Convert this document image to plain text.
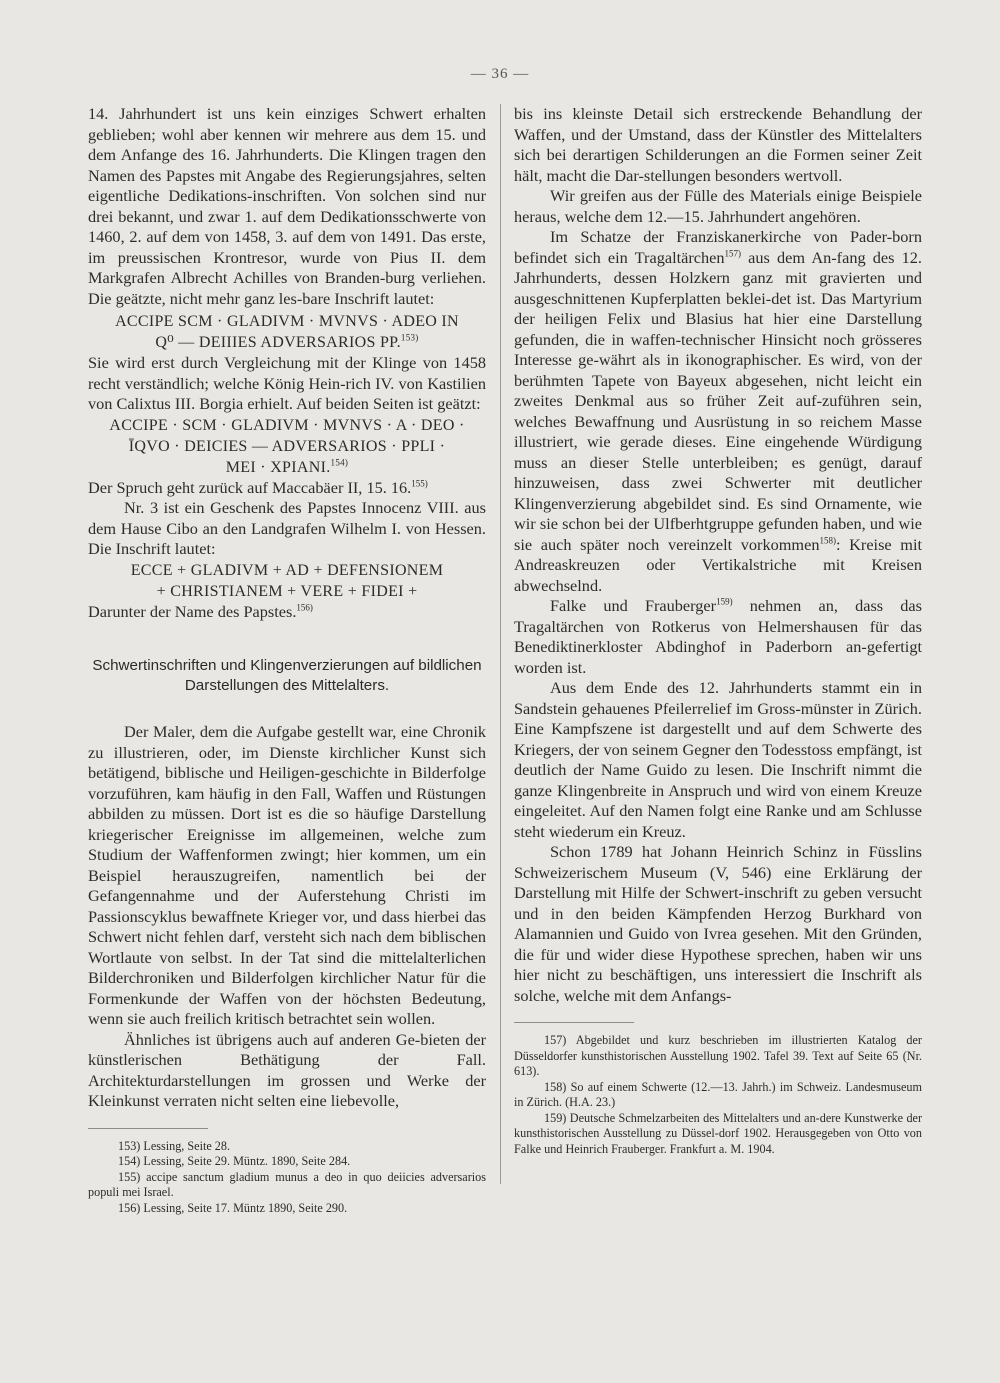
— 36 —

14. Jahrhundert ist uns kein einziges Schwert erhalten geblieben; wohl aber kennen wir mehrere aus dem 15. und dem Anfange des 16. Jahrhunderts. Die Klingen tragen den Namen des Papstes mit Angabe des Regierungsjahres, selten eigentliche Dedikations-inschriften. Von solchen sind nur drei bekannt, und zwar 1. auf dem Dedikationsschwerte von 1460, 2. auf dem von 1458, 3. auf dem von 1491. Das erste, im preussischen Krontresor, wurde von Pius II. dem Markgrafen Albrecht Achilles von Branden-burg verliehen. Die geätzte, nicht mehr ganz les-bare Inschrift lautet:

ACCIPE SCM · GLADIVM · MVNVS · ADEO IN

Q⁰ — DEIIIES ADVERSARIOS PP.$^{153)}$

Sie wird erst durch Vergleichung mit der Klinge von 1458 recht verständlich; welche König Hein-rich IV. von Kastilien von Calixtus III. Borgia erhielt. Auf beiden Seiten ist geätzt:

ACCIPE · SCM · GLADIVM · MVNVS · A · DEO ·

ĪQVO · DEICIES — ADVERSARIOS · PPLI ·

MEI · XPIANI.$^{154)}$

Der Spruch geht zurück auf Maccabäer II, 15. 16.$^{155)}$

Nr. 3 ist ein Geschenk des Papstes Innocenz VIII. aus dem Hause Cibo an den Landgrafen Wilhelm I. von Hessen. Die Inschrift lautet:

ECCE + GLADIVM + AD + DEFENSIONEM

+ CHRISTIANEM + VERE + FIDEI +

Darunter der Name des Papstes.$^{156)}$

Schwertinschriften und Klingenverzierungen auf bildlichen Darstellungen des Mittelalters.

Der Maler, dem die Aufgabe gestellt war, eine Chronik zu illustrieren, oder, im Dienste kirchlicher Kunst sich betätigend, biblische und Heiligen-geschichte in Bilderfolge vorzuführen, kam häufig in den Fall, Waffen und Rüstungen abbilden zu müssen. Dort ist es die so häufige Darstellung kriegerischer Ereignisse im allgemeinen, welche zum Studium der Waffenformen zwingt; hier kommen, um ein Beispiel herauszugreifen, namentlich bei der Gefangennahme und der Auferstehung Christi im Passionscyklus bewaffnete Krieger vor, und dass hierbei das Schwert nicht fehlen darf, versteht sich nach dem biblischen Wortlaute von selbst. In der Tat sind die mittelalterlichen Bilderchroniken und Bilderfolgen kirchlicher Natur für die Formenkunde der Waffen von der höchsten Bedeutung, wenn sie auch freilich kritisch betrachtet sein wollen.

Ähnliches ist übrigens auch auf anderen Ge-bieten der künstlerischen Bethätigung der Fall. Architekturdarstellungen im grossen und Werke der Kleinkunst verraten nicht selten eine liebevolle,

153) Lessing, Seite 28.

154) Lessing, Seite 29. Müntz. 1890, Seite 284.

155) accipe sanctum gladium munus a deo in quo deiicies adversarios populi mei Israel.

156) Lessing, Seite 17. Müntz 1890, Seite 290.

bis ins kleinste Detail sich erstreckende Behandlung der Waffen, und der Umstand, dass der Künstler des Mittelalters sich bei derartigen Schilderungen an die Formen seiner Zeit hält, macht die Dar-stellungen besonders wertvoll.

Wir greifen aus der Fülle des Materials einige Beispiele heraus, welche dem 12.—15. Jahrhundert angehören.

Im Schatze der Franziskanerkirche von Pader-born befindet sich ein Tragaltärchen$^{157)}$ aus dem An-fang des 12. Jahrhunderts, dessen Holzkern ganz mit gravierten und ausgeschnittenen Kupferplatten beklei-det ist. Das Martyrium der heiligen Felix und Blasius hat hier eine Darstellung gefunden, die in waffen-technischer Hinsicht noch grösseres Interesse ge-währt als in ikonographischer. Es wird, von der berühmten Tapete von Bayeux abgesehen, nicht leicht ein zweites Denkmal aus so früher Zeit auf-zuführen sein, welches Bewaffnung und Ausrüstung in so reichem Masse illustriert, wie gerade dieses. Eine eingehende Würdigung muss an dieser Stelle unterbleiben; es genügt, darauf hinzuweisen, dass zwei Schwerter mit deutlicher Klingenverzierung abgebildet sind. Es sind Ornamente, wie wir sie schon bei der Ulfberhtgruppe gefunden haben, und wie sie auch später noch vereinzelt vorkommen$^{158)}$: Kreise mit Andreaskreuzen oder Vertikalstriche mit Kreisen abwechselnd.

Falke und Frauberger$^{159)}$ nehmen an, dass das Tragaltärchen von Rotkerus von Helmershausen für das Benediktinerkloster Abdinghof in Paderborn an-gefertigt worden ist.

Aus dem Ende des 12. Jahrhunderts stammt ein in Sandstein gehauenes Pfeilerrelief im Gross-münster in Zürich. Eine Kampfszene ist dargestellt und auf dem Schwerte des Kriegers, der von seinem Gegner den Todesstoss empfängt, ist deutlich der Name Guido zu lesen. Die Inschrift nimmt die ganze Klingenbreite in Anspruch und wird von einem Kreuze eingeleitet. Auf den Namen folgt eine Ranke und am Schlusse steht wiederum ein Kreuz.

Schon 1789 hat Johann Heinrich Schinz in Füsslins Schweizerischem Museum (V, 546) eine Erklärung der Darstellung mit Hilfe der Schwert-inschrift zu geben versucht und in den beiden Kämpfenden Herzog Burkhard von Alamannien und Guido von Ivrea gesehen. Mit den Gründen, die für und wider diese Hypothese sprechen, haben wir uns hier nicht zu beschäftigen, uns interessiert die Inschrift als solche, welche mit dem Anfangs-

157) Abgebildet und kurz beschrieben im illustrierten Katalog der Düsseldorfer kunsthistorischen Ausstellung 1902. Tafel 39. Text auf Seite 65 (Nr. 613).

158) So auf einem Schwerte (12.—13. Jahrh.) im Schweiz. Landesmuseum in Zürich. (H.A. 23.)

159) Deutsche Schmelzarbeiten des Mittelalters und an-dere Kunstwerke der kunsthistorischen Ausstellung zu Düssel-dorf 1902. Herausgegeben von Otto von Falke und Heinrich Frauberger. Frankfurt a. M. 1904.
